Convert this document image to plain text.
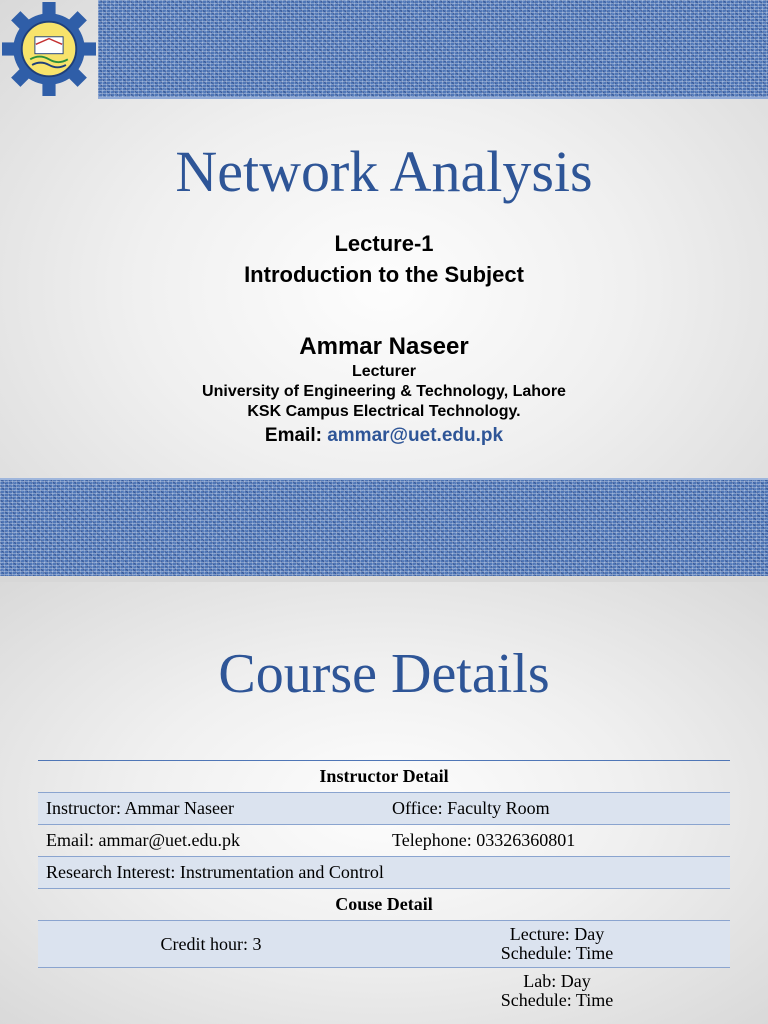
Network Analysis
Lecture-1
Introduction to the Subject
Ammar Naseer
Lecturer
University of Engineering & Technology, Lahore
KSK Campus Electrical Technology.
Email: ammar@uet.edu.pk
Course Details
Instructor Detail	
Instructor: Ammar Naseer	Office: Faculty Room
Email: ammar@uet.edu.pk	Telephone: 03326360801
Research Interest: Instrumentation and Control	
Couse Detail	
Credit hour: 3	Lecture: Day
Schedule: Time

	Lab: Day
Schedule: Time
